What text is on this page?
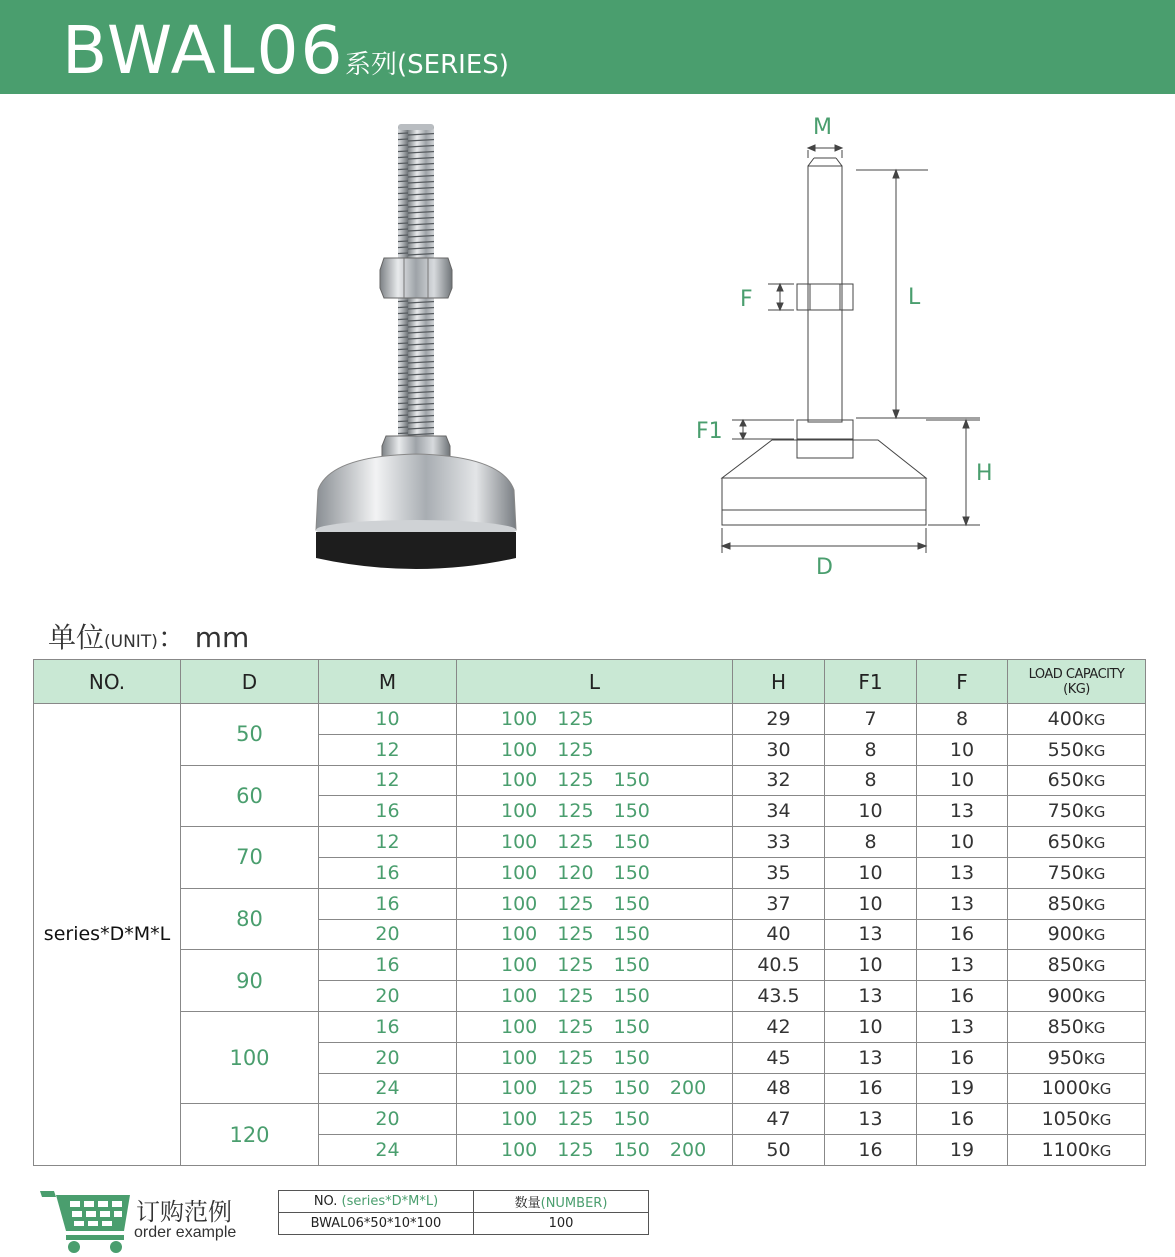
BWAL06 系列(SERIES)
M
L
F
F1
H
D
单位(UNIT)： mm
NO.	D	M	L	H	F1	F	LOAD CAPACITY
(KG)
series*D*M*L	50	10	100 125	29	7	8	400KG
		12	100 125	30	8	10	550KG
	60	12	100 125 150	32	8	10	650KG
		16	100 125 150	34	10	13	750KG
	70	12	100 125 150	33	8	10	650KG
		16	100 120 150	35	10	13	750KG
	80	16	100 125 150	37	10	13	850KG
		20	100 125 150	40	13	16	900KG
	90	16	100 125 150	40.5	10	13	850KG
		20	100 125 150	43.5	13	16	900KG
	100	16	100 125 150	42	10	13	850KG
		20	100 125 150	45	13	16	950KG
		24	100 125 150 200	48	16	19	1000KG
	120	20	100 125 150	47	13	16	1050KG
		24	100 125 150 200	50	16	19	1100KG
订购范例
order example
NO. (series*D*M*L)	数量(NUMBER)
BWAL06*50*10*100	100
